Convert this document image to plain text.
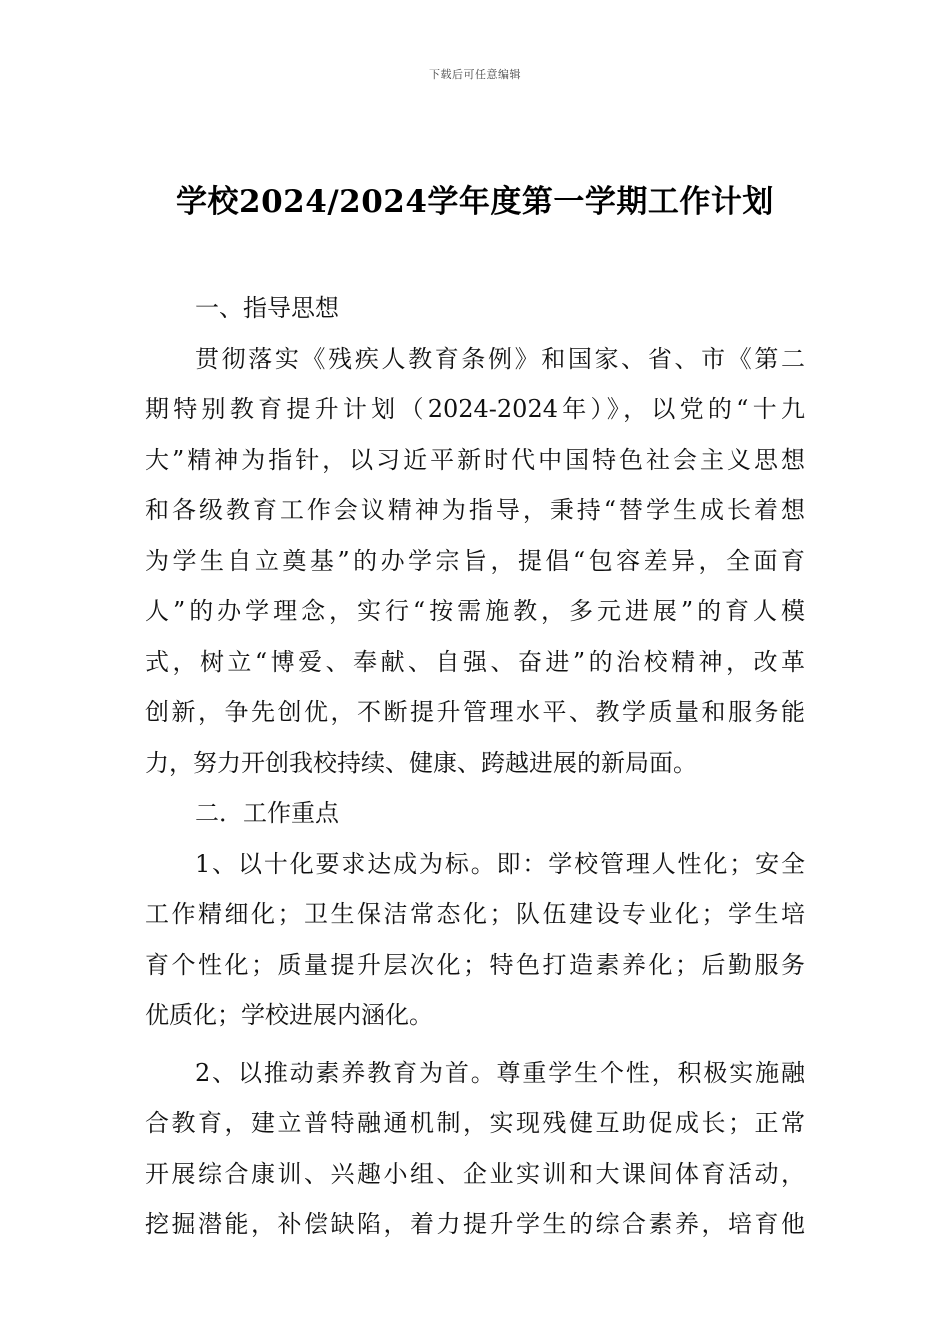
下载后可任意编辑
学校2024/2024学年度第一学期工作计划
一、指导思想
贯彻落实《残疾人教育条例》和国家、省、市《第二
期特别教育提升计划（2024-2024年）》，以党的“十九
大”精神为指针，以习近平新时代中国特色社会主义思想
和各级教育工作会议精神为指导，秉持“替学生成长着想
为学生自立奠基”的办学宗旨，提倡“包容差异，全面育
人”的办学理念，实行“按需施教，多元进展”的育人模
式，树立“博爱、奉献、自强、奋进”的治校精神，改革
创新，争先创优，不断提升管理水平、教学质量和服务能
力，努力开创我校持续、健康、跨越进展的新局面。
二．工作重点
1、以十化要求达成为标。即：学校管理人性化；安全
工作精细化；卫生保洁常态化；队伍建设专业化；学生培
育个性化；质量提升层次化；特色打造素养化；后勤服务
优质化；学校进展内涵化。
2、以推动素养教育为首。尊重学生个性，积极实施融
合教育，建立普特融通机制，实现残健互助促成长；正常
开展综合康训、兴趣小组、企业实训和大课间体育活动，
挖掘潜能，补偿缺陷，着力提升学生的综合素养，培育他
